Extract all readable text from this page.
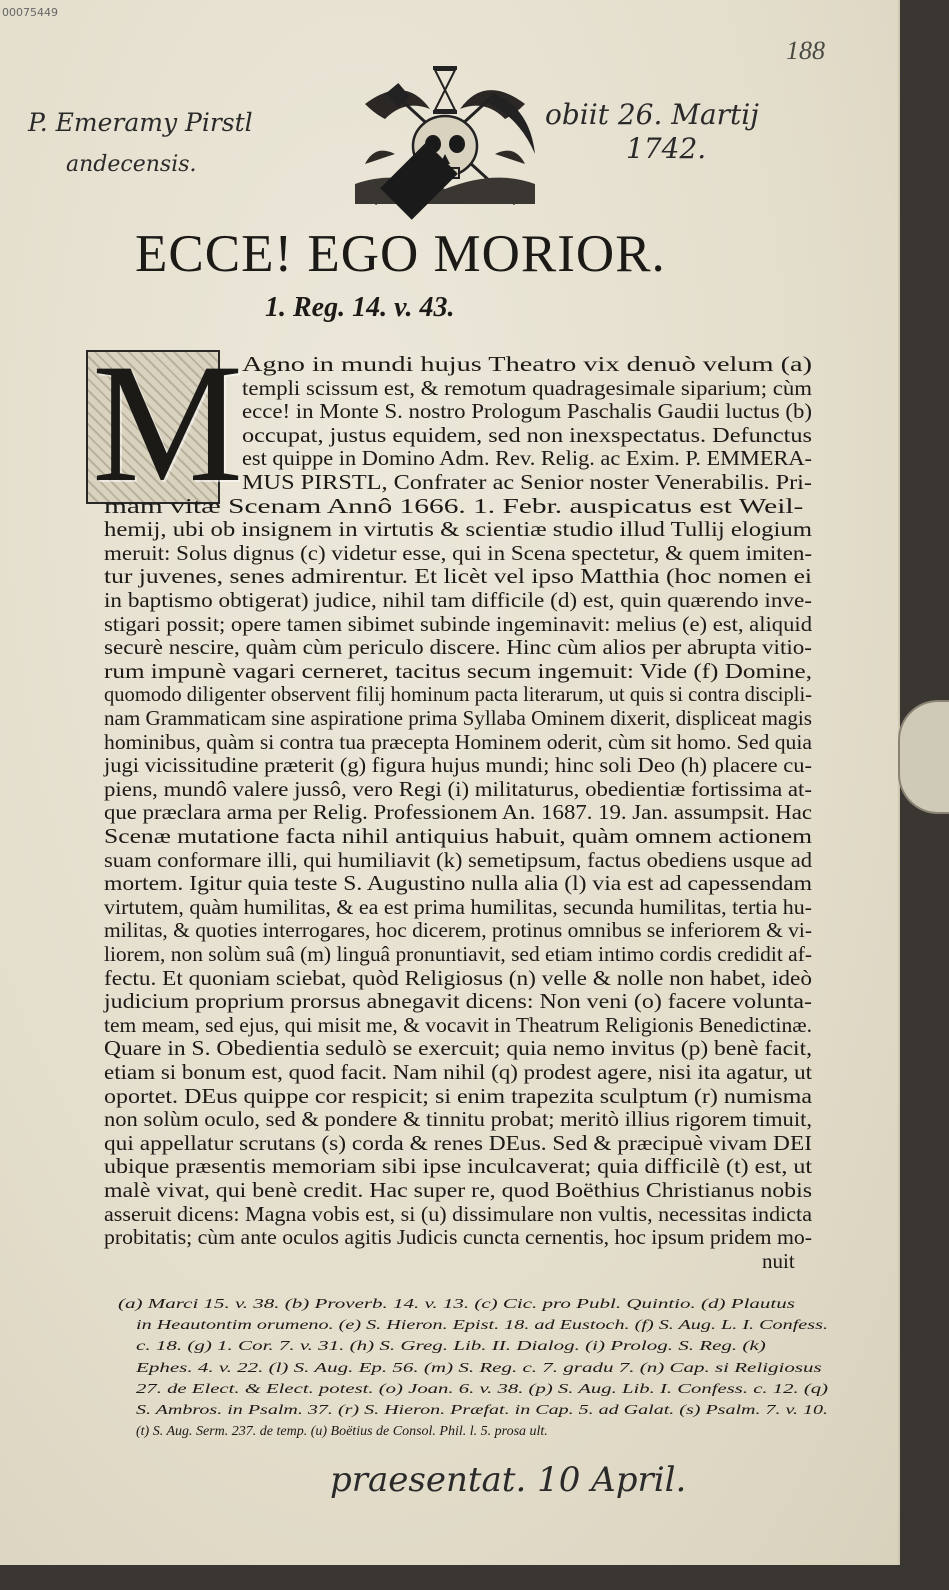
00075449
188
P. Emeramy Pirstl
andecensis.
obiit 26. Martij
1742.
ECCE! EGO MORIOR.
1. Reg. 14. v. 43.
M
Agno in mundi hujus Theatro vix denuò velum (a)
templi scissum est, & remotum quadragesimale siparium; cùm
ecce! in Monte S. nostro Prologum Paschalis Gaudii luctus (b)
occupat, justus equidem, sed non inexspectatus. Defunctus
est quippe in Domino Adm. Rev. Relig. ac Exim. P. EMMERA-
MUS PIRSTL, Confrater ac Senior noster Venerabilis. Pri-
mam vitæ Scenam Annô 1666. 1. Febr. auspicatus est Weil-
hemij, ubi ob insignem in virtutis & scientiæ studio illud Tullij elogium
meruit: Solus dignus (c) videtur esse, qui in Scena spectetur, & quem imiten-
tur juvenes, senes admirentur. Et licèt vel ipso Matthia (hoc nomen ei
in baptismo obtigerat) judice, nihil tam difficile (d) est, quin quærendo inve-
stigari possit; opere tamen sibimet subinde ingeminavit: melius (e) est, aliquid
securè nescire, quàm cùm periculo discere. Hinc cùm alios per abrupta vitio-
rum impunè vagari cerneret, tacitus secum ingemuit: Vide (f) Domine,
quomodo diligenter observent filij hominum pacta literarum, ut quis si contra discipli-
nam Grammaticam sine aspiratione prima Syllaba Ominem dixerit, displiceat magis
hominibus, quàm si contra tua præcepta Hominem oderit, cùm sit homo. Sed quia
jugi vicissitudine præterit (g) figura hujus mundi; hinc soli Deo (h) placere cu-
piens, mundô valere jussô, vero Regi (i) militaturus, obedientiæ fortissima at-
que præclara arma per Relig. Professionem An. 1687. 19. Jan. assumpsit. Hac
Scenæ mutatione facta nihil antiquius habuit, quàm omnem actionem
suam conformare illi, qui humiliavit (k) semetipsum, factus obediens usque ad
mortem. Igitur quia teste S. Augustino nulla alia (l) via est ad capessendam
virtutem, quàm humilitas, & ea est prima humilitas, secunda humilitas, tertia hu-
militas, & quoties interrogares, hoc dicerem, protinus omnibus se inferiorem & vi-
liorem, non solùm suâ (m) linguâ pronuntiavit, sed etiam intimo cordis credidit af-
fectu. Et quoniam sciebat, quòd Religiosus (n) velle & nolle non habet, ideò
judicium proprium prorsus abnegavit dicens: Non veni (o) facere volunta-
tem meam, sed ejus, qui misit me, & vocavit in Theatrum Religionis Benedictinæ.
Quare in S. Obedientia sedulò se exercuit; quia nemo invitus (p) benè facit,
etiam si bonum est, quod facit. Nam nihil (q) prodest agere, nisi ita agatur, ut
oportet. DEus quippe cor respicit; si enim trapezita sculptum (r) numisma
non solùm oculo, sed & pondere & tinnitu probat; meritò illius rigorem timuit,
qui appellatur scrutans (s) corda & renes DEus. Sed & præcipuè vivam DEI
ubique præsentis memoriam sibi ipse inculcaverat; quia difficilè (t) est, ut
malè vivat, qui benè credit. Hac super re, quod Boëthius Christianus nobis
asseruit dicens: Magna vobis est, si (u) dissimulare non vultis, necessitas indicta
probitatis; cùm ante oculos agitis Judicis cuncta cernentis, hoc ipsum pridem mo-
nuit
(a) Marci 15. v. 38. (b) Proverb. 14. v. 13. (c) Cic. pro Publ. Quintio. (d) Plautus
in Heautontim orumeno. (e) S. Hieron. Epist. 18. ad Eustoch. (f) S. Aug. L. I. Confess.
c. 18. (g) 1. Cor. 7. v. 31. (h) S. Greg. Lib. II. Dialog. (i) Prolog. S. Reg. (k)
Ephes. 4. v. 22. (l) S. Aug. Ep. 56. (m) S. Reg. c. 7. gradu 7. (n) Cap. si Religiosus
27. de Elect. & Elect. potest. (o) Joan. 6. v. 38. (p) S. Aug. Lib. I. Confess. c. 12. (q)
S. Ambros. in Psalm. 37. (r) S. Hieron. Præfat. in Cap. 5. ad Galat. (s) Psalm. 7. v. 10.
(t) S. Aug. Serm. 237. de temp. (u) Boëtius de Consol. Phil. l. 5. prosa ult.
praesentat. 10 April.
